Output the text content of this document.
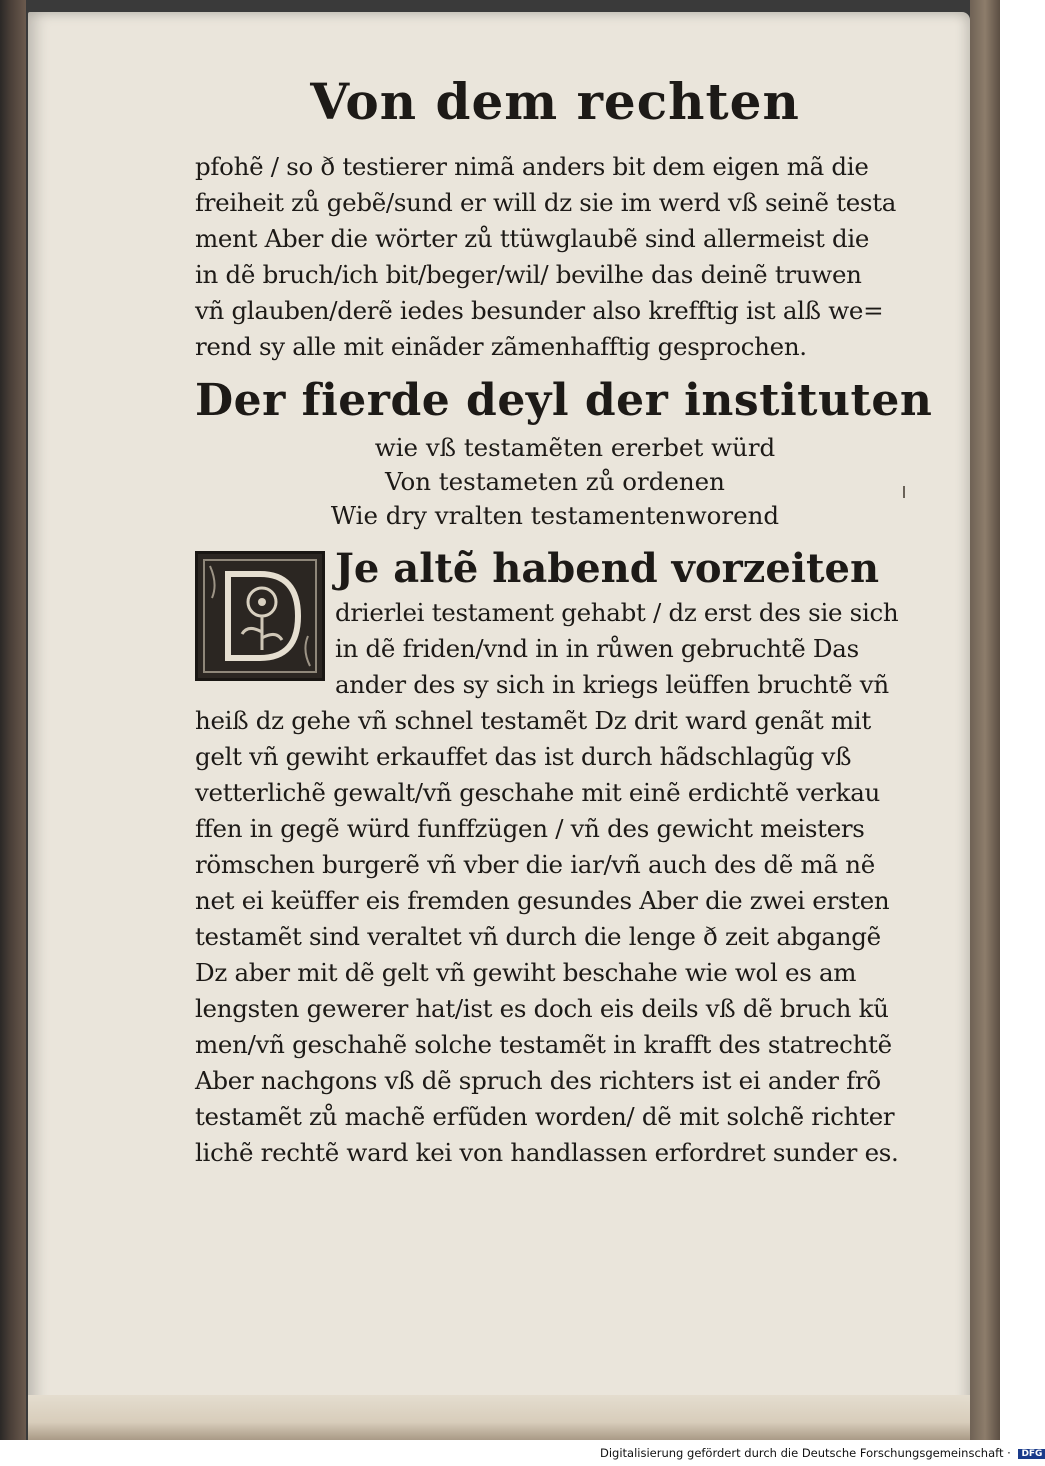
Von dem rechten
pfohẽ / so ð testierer nimã anders bit dem eigen mã die
freiheit zů gebẽ/sund er will dz sie im werd vß seinẽ testa
ment Aber die wörter zů ttüwglaubẽ sind allermeist die
in dẽ bruch/ich bit/beger/wil/ bevilhe das deinẽ truwen
vñ glauben/derẽ iedes besunder also krefftig ist alß we=
rend sy alle mit einãder zãmenhafftig gesprochen.
Der fierde deyl der instituten
wie vß testamẽten ererbet würd
Von testameten zů ordenen
Wie dry vralten testamentenworend
Je altẽ habend vorzeiten
drierlei testament gehabt / dz erst des sie sich
in dẽ friden/vnd in in růwen gebruchtẽ Das
ander des sy sich in kriegs leüffen bruchtẽ vñ
heiß dz gehe vñ schnel testamẽt Dz drit ward genãt mit
gelt vñ gewiht erkauffet das ist durch hãdschlagũg vß
vetterlichẽ gewalt/vñ geschahe mit einẽ erdichtẽ verkau
ffen in gegẽ würd funffzügen / vñ des gewicht meisters
römschen burgerẽ vñ vber die iar/vñ auch des dẽ mã nẽ
net ei keüffer eis fremden gesundes Aber die zwei ersten
testamẽt sind veraltet vñ durch die lenge ð zeit abgangẽ
Dz aber mit dẽ gelt vñ gewiht beschahe wie wol es am
lengsten gewerer hat/ist es doch eis deils vß dẽ bruch kũ
men/vñ geschahẽ solche testamẽt in krafft des statrechtẽ
Aber nachgons vß dẽ spruch des richters ist ei ander frõ
testamẽt zů machẽ erfũden worden/ dẽ mit solchẽ richter
lichẽ rechtẽ ward kei von handlassen erfordret sunder es.
Digitalisierung gefördert durch die Deutsche Forschungsgemeinschaft · DFG
